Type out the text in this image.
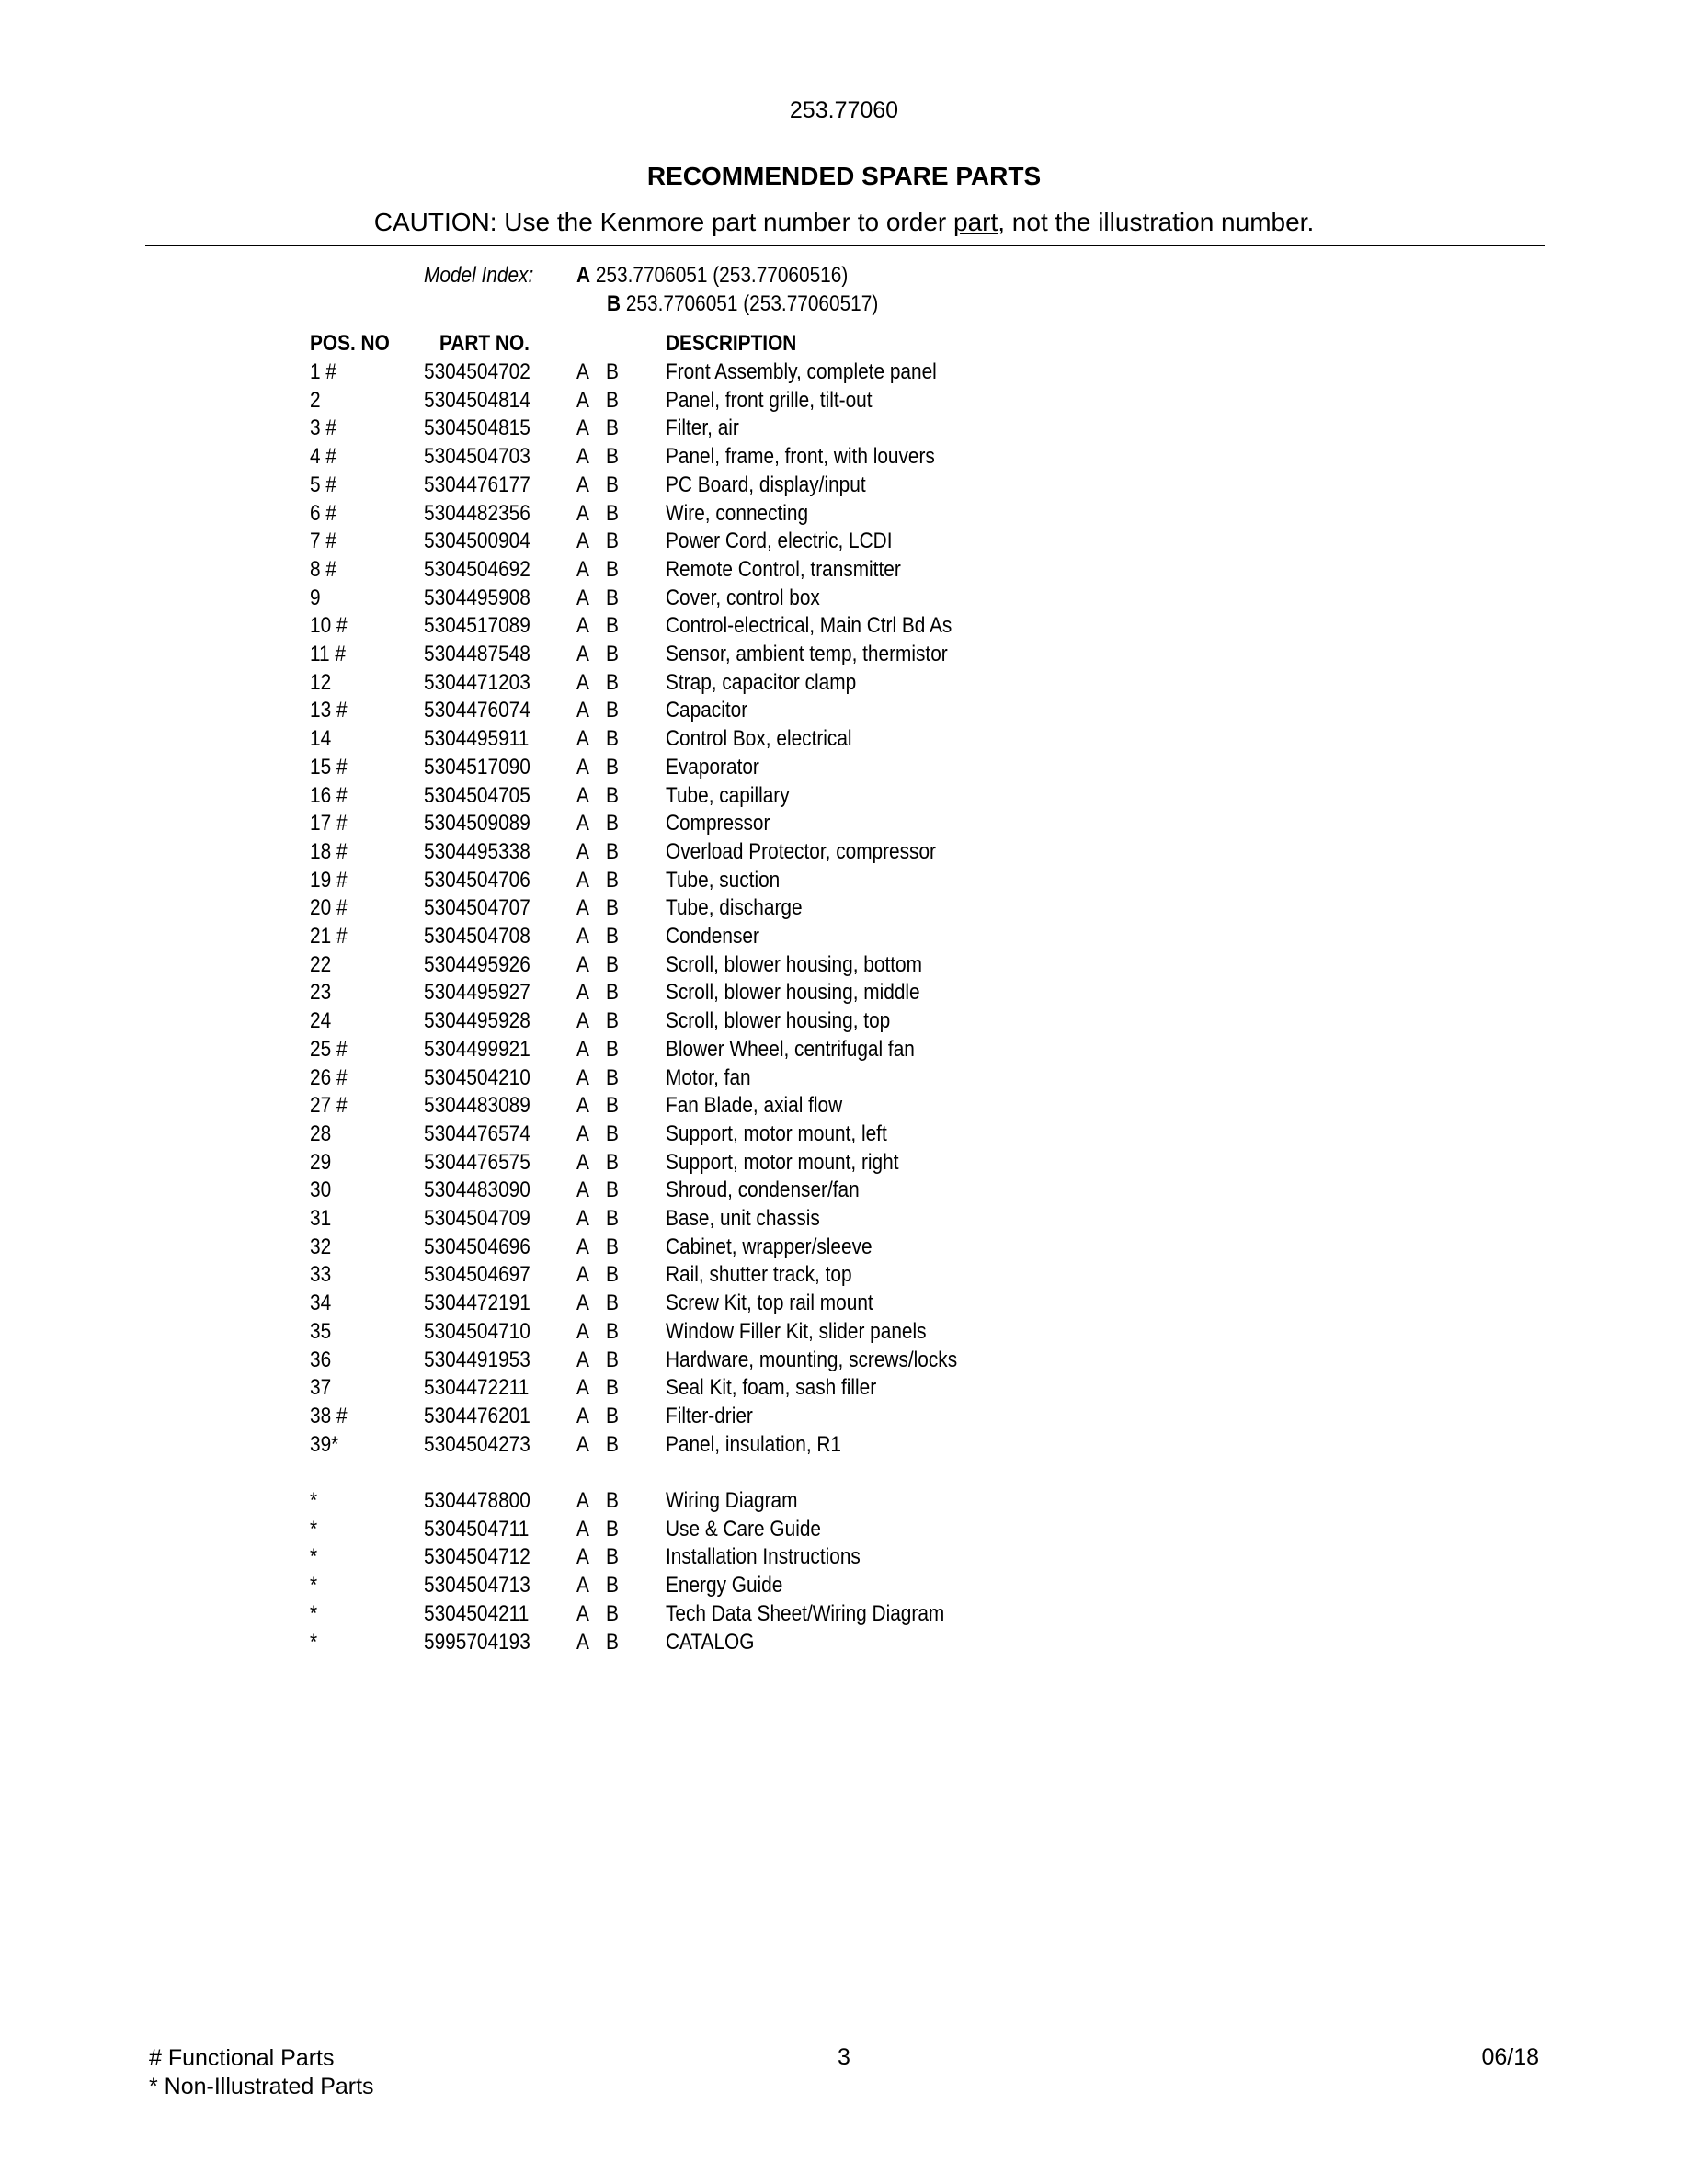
253.77060
RECOMMENDED SPARE PARTS
CAUTION: Use the Kenmore part number to order part, not the illustration number.
Model Index: A 253.7706051 (253.77060516)
B 253.7706051 (253.77060517)
POS. NO PART NO.	DESCRIPTION
1 #	5304504702 A B Front Assembly, complete panel
2	5304504814 A B Panel, front grille, tilt-out
3 #	5304504815 A B Filter, air
4 #	5304504703 A B Panel, frame, front, with louvers
5 #	5304476177 A B PC Board, display/input
6 #	5304482356 A B Wire, connecting
7 #	5304500904 A B Power Cord, electric, LCDI
8 #	5304504692 A B Remote Control, transmitter
9	5304495908 A B Cover, control box
10 #	5304517089 A B Control-electrical, Main Ctrl Bd As
11 #	5304487548 A B Sensor, ambient temp, thermistor
12	5304471203 A B Strap, capacitor clamp
13 #	5304476074 A B Capacitor
14	5304495911 A B Control Box, electrical
15 #	5304517090 A B Evaporator
16 #	5304504705 A B Tube, capillary
17 #	5304509089 A B Compressor
18 #	5304495338 A B Overload Protector, compressor
19 #	5304504706 A B Tube, suction
20 #	5304504707 A B Tube, discharge
21 #	5304504708 A B Condenser
22	5304495926 A B Scroll, blower housing, bottom
23	5304495927 A B Scroll, blower housing, middle
24	5304495928 A B Scroll, blower housing, top
25 #	5304499921 A B Blower Wheel, centrifugal fan
26 #	5304504210 A B Motor, fan
27 #	5304483089 A B Fan Blade, axial flow
28	5304476574 A B Support, motor mount, left
29	5304476575 A B Support, motor mount, right
30	5304483090 A B Shroud, condenser/fan
31	5304504709 A B Base, unit chassis
32	5304504696 A B Cabinet, wrapper/sleeve
33	5304504697 A B Rail, shutter track, top
34	5304472191 A B Screw Kit, top rail mount
35	5304504710 A B Window Filler Kit, slider panels
36	5304491953 A B Hardware, mounting, screws/locks
37	5304472211 A B Seal Kit, foam, sash filler
38 #	5304476201 A B Filter-drier
39*	5304504273 A B Panel, insulation, R1
*	5304478800 A B Wiring Diagram
*	5304504711 A B Use & Care Guide
*	5304504712 A B Installation Instructions
*	5304504713 A B Energy Guide
*	5304504211 A B Tech Data Sheet/Wiring Diagram
*	5995704193 A B CATALOG
# Functional Parts
* Non-Illustrated Parts
3	06/18
